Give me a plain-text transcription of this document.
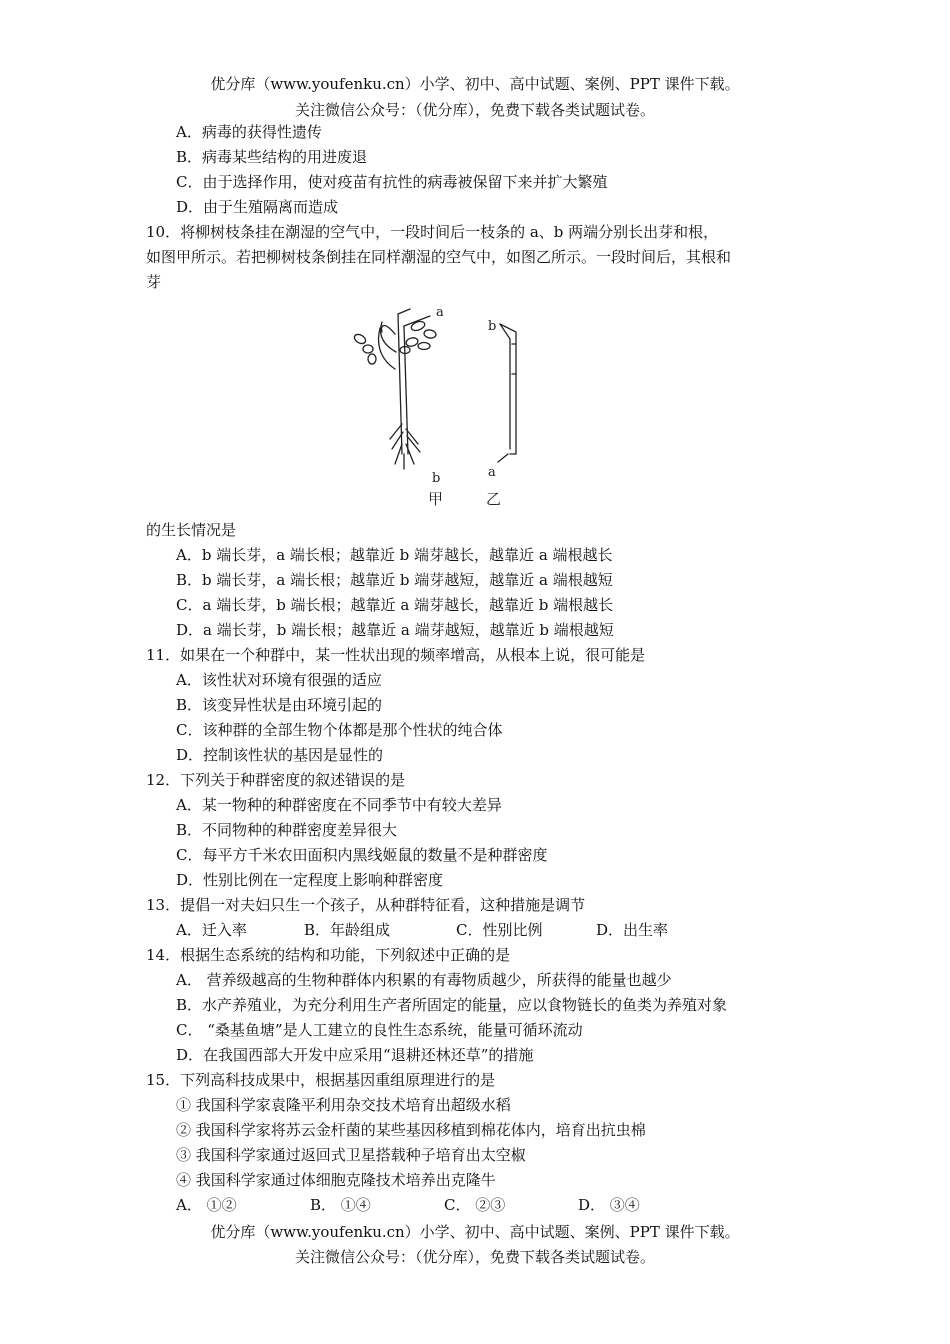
优分库（www.youfenku.cn）小学、初中、高中试题、案例、PPT 课件下载。
关注微信公众号：（优分库），免费下载各类试题试卷。
A．病毒的获得性遗传
B．病毒某些结构的用进废退
C．由于选择作用，使对疫苗有抗性的病毒被保留下来并扩大繁殖
D．由于生殖隔离而造成
10．将柳树枝条挂在潮湿的空气中，一段时间后一枝条的 a、b 两端分别长出芽和根，
如图甲所示。若把柳树枝条倒挂在同样潮湿的空气中，如图乙所示。一段时间后，其根和
芽
a
b
b
a
甲	乙
的生长情况是
A．b 端长芽，a 端长根；越靠近 b 端芽越长，越靠近 a 端根越长
B．b 端长芽，a 端长根；越靠近 b 端芽越短，越靠近 a 端根越短
C．a 端长芽，b 端长根；越靠近 a 端芽越长，越靠近 b 端根越长
D．a 端长芽，b 端长根；越靠近 a 端芽越短，越靠近 b 端根越短
11．如果在一个种群中，某一性状出现的频率增高，从根本上说，很可能是
A．该性状对环境有很强的适应
B．该变异性状是由环境引起的
C．该种群的全部生物个体都是那个性状的纯合体
D．控制该性状的基因是显性的
12．下列关于种群密度的叙述错误的是
A．某一物种的种群密度在不同季节中有较大差异
B．不同物种的种群密度差异很大
C．每平方千米农田面积内黑线姬鼠的数量不是种群密度
D．性别比例在一定程度上影响种群密度
13．提倡一对夫妇只生一个孩子，从种群特征看，这种措施是调节
A．迁入率	B．年龄组成	C．性别比例	D．出生率
14．根据生态系统的结构和功能，下列叙述中正确的是
A． 营养级越高的生物种群体内积累的有毒物质越少，所获得的能量也越少
B．水产养殖业，为充分利用生产者所固定的能量，应以食物链长的鱼类为养殖对象
C． “桑基鱼塘”是人工建立的良性生态系统，能量可循环流动
D．在我国西部大开发中应采用“退耕还林还草”的措施
15．下列高科技成果中，根据基因重组原理进行的是
① 我国科学家袁隆平利用杂交技术培育出超级水稻
② 我国科学家将苏云金杆菌的某些基因移植到棉花体内，培育出抗虫棉
③ 我国科学家通过返回式卫星搭载种子培育出太空椒
④ 我国科学家通过体细胞克隆技术培养出克隆牛
A． ①②	B． ①④	C． ②③	D． ③④
优分库（www.youfenku.cn）小学、初中、高中试题、案例、PPT 课件下载。
关注微信公众号：（优分库），免费下载各类试题试卷。
